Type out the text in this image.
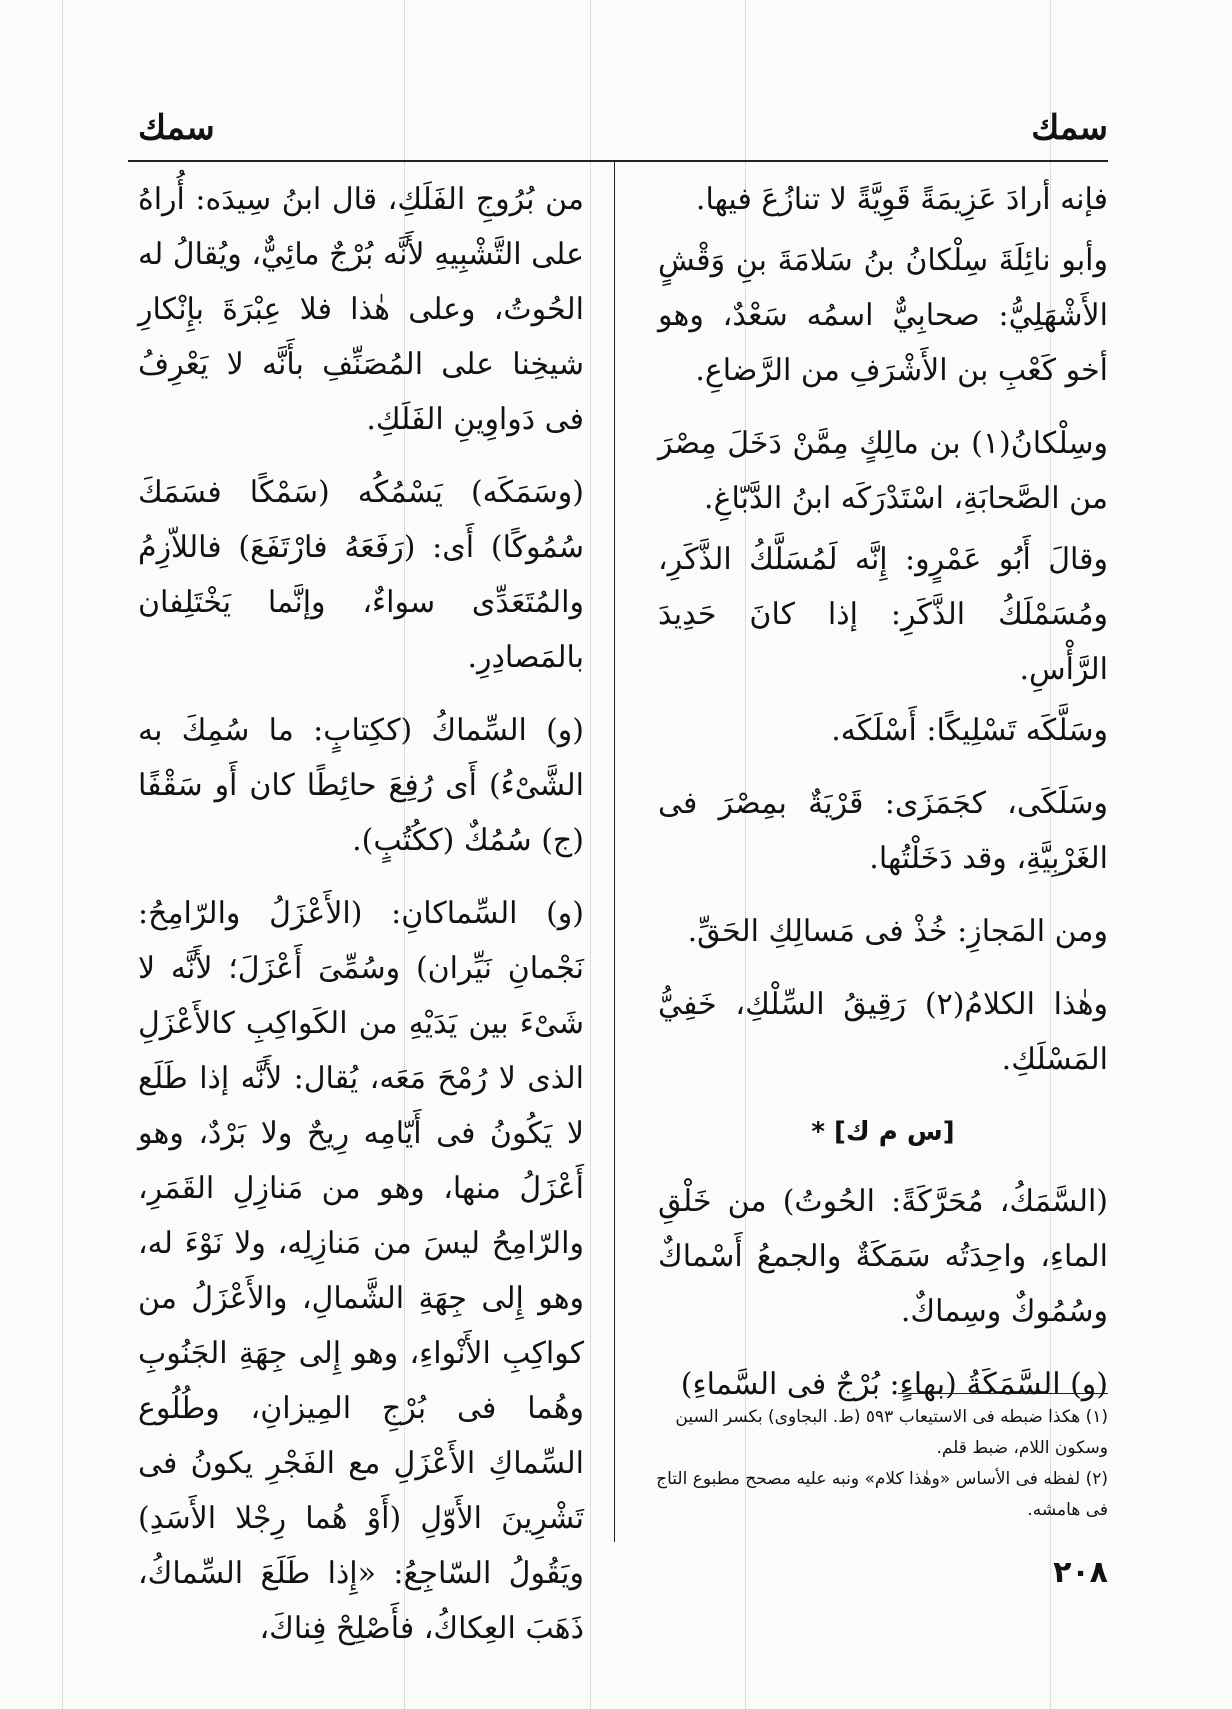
سمك
سمك

فإنه أرادَ عَزِيمَةً قَوِيَّةً لا تنازُعَ فيها.

وأبو نائِلَةَ سِلْكانُ بنُ سَلامَةَ بنِ وَقْشٍ الأَشْهَلِيُّ: صحابِيٌّ اسمُه سَعْدٌ، وهو أخو كَعْبِ بن الأَشْرَفِ من الرَّضاعِ.

وسِلْكانُ(١) بن مالِكٍ مِمَّنْ دَخَلَ مِصْرَ من الصَّحابَةِ، اسْتَدْرَكَه ابنُ الدَّبّاغِ.

وقالَ أَبُو عَمْرٍو: إِنَّه لَمُسَلَّكُ الذَّكَرِ، ومُسَمْلَكُ الذَّكَرِ: إذا كانَ حَدِيدَ الرَّأْسِ.

وسَلَّكَه تَسْلِيكًا: أَسْلَكَه.

وسَلَكَى، كجَمَزَى: قَرْيَةٌ بمِصْرَ فى الغَرْبِيَّةِ، وقد دَخَلْتُها.

ومن المَجازِ: خُذْ فى مَسالِكِ الحَقِّ.

وهٰذا الكلامُ(٢) رَقِيقُ السِّلْكِ، خَفِيُّ المَسْلَكِ.

[س م ك] *

(السَّمَكُ، مُحَرَّكَةً: الحُوتُ) من خَلْقِ الماءِ، واحِدَتُه سَمَكَةٌ والجمعُ أَسْماكٌ وسُمُوكٌ وسِماكٌ.

(و) السَّمَكَةُ (بهاءٍ: بُرْجٌ فى السَّماءِ)

من بُرُوجِ الفَلَكِ، قال ابنُ سِيدَه: أُراهُ على التَّشْبِيهِ لأَنَّه بُرْجٌ مائِيٌّ، ويُقالُ له الحُوتُ، وعلى هٰذا فلا عِبْرَةَ بإِنْكارِ شيخِنا على المُصَنِّفِ بأَنَّه لا يَعْرِفُ فى دَواوِينِ الفَلَكِ.

(وسَمَكَه) يَسْمُكُه (سَمْكًا فسَمَكَ سُمُوكًا) أَى: (رَفَعَهُ فارْتَفَعَ) فاللاّزِمُ والمُتَعَدِّى سواءٌ، وإنَّما يَخْتَلِفان بالمَصادِرِ.

(و) السِّماكُ (ككِتابٍ: ما سُمِكَ به الشَّىْءُ) أَى رُفِعَ حائِطًا كان أَو سَقْفًا (ج) سُمُكٌ (ككُتُبٍ).

(و) السِّماكانِ: (الأَعْزَلُ والرّامِحُ: نَجْمانِ نَيِّران) وسُمِّىَ أَعْزَلَ؛ لأَنَّه لا شَىْءَ بين يَدَيْهِ من الكَواكِبِ كالأَعْزَلِ الذى لا رُمْحَ مَعَه، يُقال: لأَنَّه إذا طَلَع لا يَكُونُ فى أَيّامِه رِيحٌ ولا بَرْدٌ، وهو أَعْزَلُ منها، وهو من مَنازِلِ القَمَرِ، والرّامِحُ ليسَ من مَنازِلِه، ولا نَوْءَ له، وهو إِلى جِهَةِ الشَّمالِ، والأَعْزَلُ من كواكِبِ الأَنْواءِ، وهو إِلى جِهَةِ الجَنُوبِ وهُما فى بُرْجِ المِيزانِ، وطُلُوع السِّماكِ الأَعْزَلِ مع الفَجْرِ يكونُ فى تَشْرِينَ الأَوّلِ (أَوْ هُما رِجْلا الأَسَدِ) ويَقُولُ السّاجِعُ: «إِذا طَلَعَ السِّماكُ، ذَهَبَ العِكاكُ، فأَصْلِحْ فِناكَ،

(١) هكذا ضبطه فى الاستيعاب ٥٩٣ (ط. البجاوى) بكسر السين وسكون اللام، ضبط قلم.

(٢) لفظه فى الأساس «وهٰذا كلام» ونبه عليه مصحح مطبوع التاج فى هامشه.

٢٠٨
